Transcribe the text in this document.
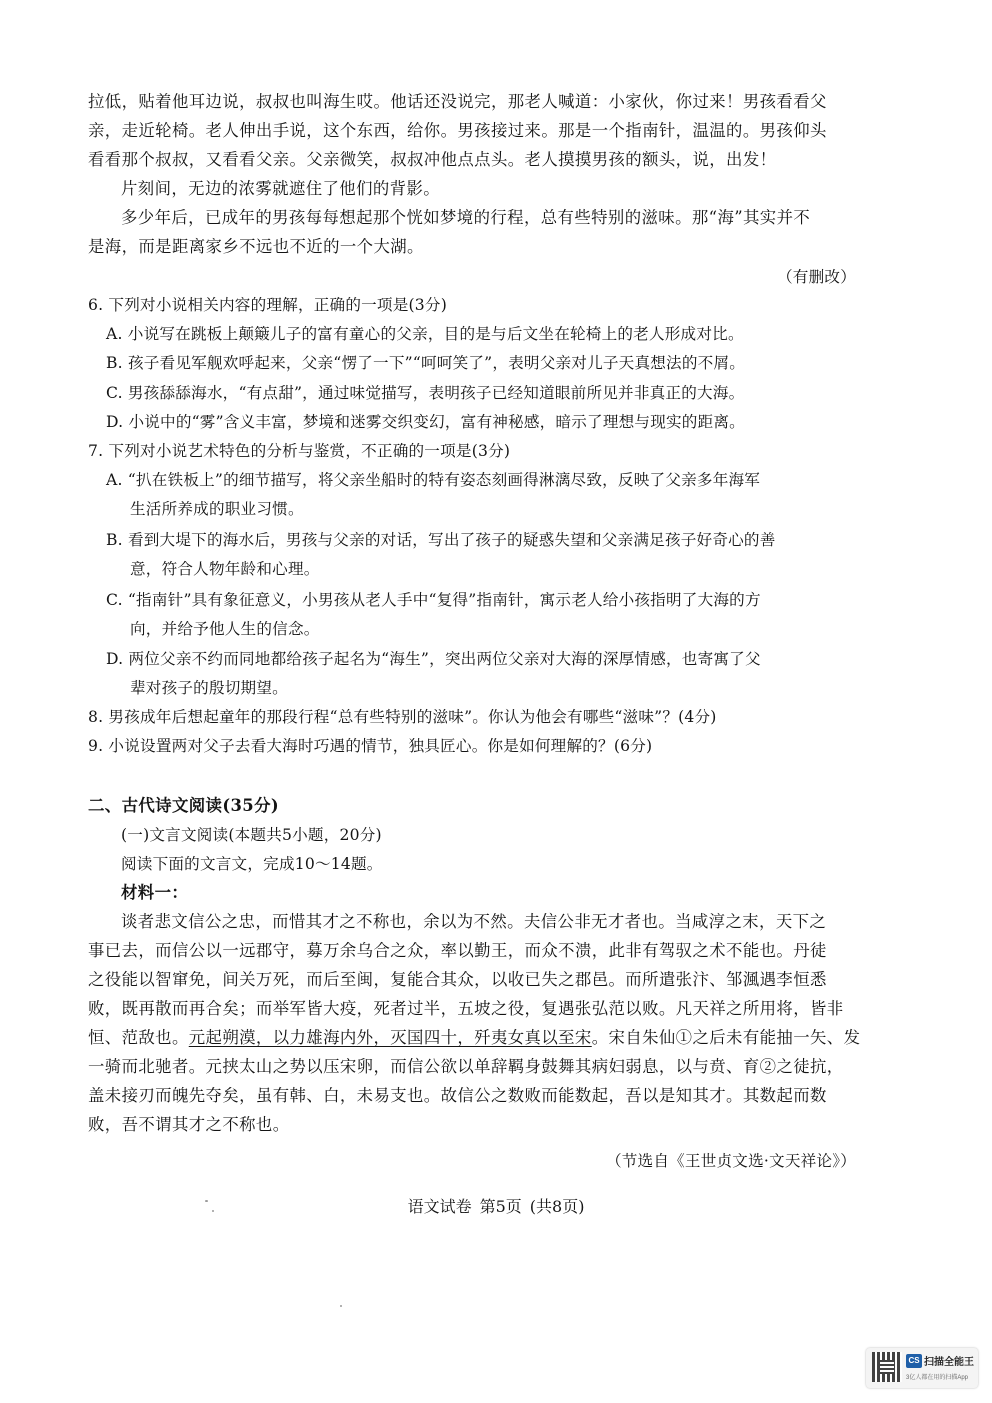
拉低，贴着他耳边说，叔叔也叫海生哎。他话还没说完，那老人喊道：小家伙，你过来！男孩看看父
亲，走近轮椅。老人伸出手说，这个东西，给你。男孩接过来。那是一个指南针，温温的。男孩仰头
看看那个叔叔，又看看父亲。父亲微笑，叔叔冲他点点头。老人摸摸男孩的额头，说，出发！
片刻间，无边的浓雾就遮住了他们的背影。
多少年后，已成年的男孩每每想起那个恍如梦境的行程，总有些特别的滋味。那“海”其实并不
是海，而是距离家乡不远也不近的一个大湖。
（有删改）
6. 下列对小说相关内容的理解，正确的一项是(3分)
A. 小说写在跳板上颠簸儿子的富有童心的父亲，目的是与后文坐在轮椅上的老人形成对比。
B. 孩子看见军舰欢呼起来，父亲“愣了一下”“呵呵笑了”，表明父亲对儿子天真想法的不屑。
C. 男孩舔舔海水，“有点甜”，通过味觉描写，表明孩子已经知道眼前所见并非真正的大海。
D. 小说中的“雾”含义丰富，梦境和迷雾交织变幻，富有神秘感，暗示了理想与现实的距离。
7. 下列对小说艺术特色的分析与鉴赏，不正确的一项是(3分)
A. “扒在铁板上”的细节描写，将父亲坐船时的特有姿态刻画得淋漓尽致，反映了父亲多年海军
生活所养成的职业习惯。
B. 看到大堤下的海水后，男孩与父亲的对话，写出了孩子的疑惑失望和父亲满足孩子好奇心的善
意，符合人物年龄和心理。
C. “指南针”具有象征意义，小男孩从老人手中“复得”指南针，寓示老人给小孩指明了大海的方
向，并给予他人生的信念。
D. 两位父亲不约而同地都给孩子起名为“海生”，突出两位父亲对大海的深厚情感，也寄寓了父
辈对孩子的殷切期望。
8. 男孩成年后想起童年的那段行程“总有些特别的滋味”。你认为他会有哪些“滋味”？(4分)
9. 小说设置两对父子去看大海时巧遇的情节，独具匠心。你是如何理解的？(6分)
二、古代诗文阅读(35分)
(一)文言文阅读(本题共5小题，20分)
阅读下面的文言文，完成10～14题。
材料一：
谈者悲文信公之忠，而惜其才之不称也，余以为不然。夫信公非无才者也。当咸淳之末，天下之
事已去，而信公以一远郡守，募万余乌合之众，率以勤王，而众不溃，此非有驾驭之术不能也。丹徒
之役能以智窜免，间关万死，而后至闽，复能合其众，以收已失之郡邑。而所遣张汴、邹渢遇李恒悉
败，既再散而再合矣；而举军皆大疫，死者过半，五坡之役，复遇张弘范以败。凡天祥之所用将，皆非
恒、范敌也。元起朔漠，以力雄海内外，灭国四十，歼夷女真以至宋。宋自朱仙①之后未有能抽一矢、发
一骑而北驰者。元挟太山之势以压宋卵，而信公欲以单辞羁身鼓舞其病妇弱息，以与贲、育②之徒抗，
盖未接刃而魄先夺矣，虽有韩、白，未易支也。故信公之数败而能数起，吾以是知其才。其数起而数
败，吾不谓其才之不称也。
（节选自《王世贞文选·文天祥论》）
语文试卷 第5页 (共8页)
CS 扫描全能王
3亿人都在用的扫描App
